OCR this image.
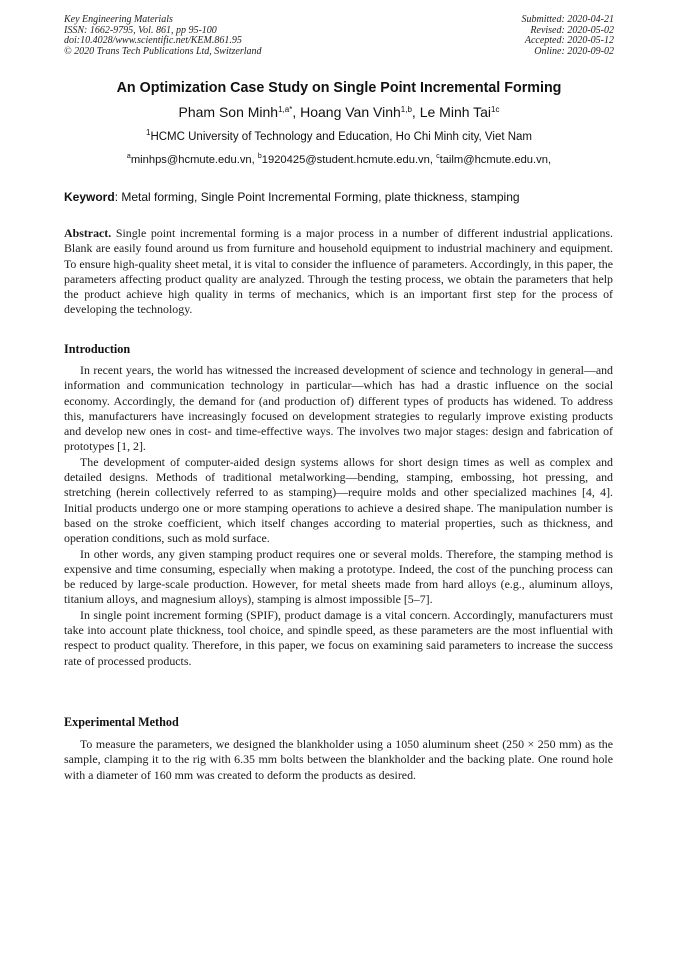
Key Engineering Materials
ISSN: 1662-9795, Vol. 861, pp 95-100
doi:10.4028/www.scientific.net/KEM.861.95
© 2020 Trans Tech Publications Ltd, Switzerland
Submitted: 2020-04-21
Revised: 2020-05-02
Accepted: 2020-05-12
Online: 2020-09-02
An Optimization Case Study on Single Point Incremental Forming
Pham Son Minh$^{1,a*}$, Hoang Van Vinh$^{1,b}$, Le Minh Tai$^{1c}$
$^1$HCMC University of Technology and Education, Ho Chi Minh city, Viet Nam
$^a$minhps@hcmute.edu.vn, $^b$1920425@student.hcmute.edu.vn, $^c$tailm@hcmute.edu.vn,
Keyword: Metal forming, Single Point Incremental Forming, plate thickness, stamping

Abstract. Single point incremental forming is a major process in a number of different industrial applications. Blank are easily found around us from furniture and household equipment to industrial machinery and equipment. To ensure high-quality sheet metal, it is vital to consider the influence of parameters. Accordingly, in this paper, the parameters affecting product quality are analyzed. Through the testing process, we obtain the parameters that help the product achieve high quality in terms of mechanics, which is an important first step for the process of developing the technology.

Introduction

In recent years, the world has witnessed the increased development of science and technology in general—and information and communication technology in particular—which has had a drastic influence on the social economy. Accordingly, the demand for (and production of) different types of products has widened. To address this, manufacturers have increasingly focused on development strategies to regularly improve existing products and develop new ones in cost- and time-effective ways. The involves two major stages: design and fabrication of prototypes [1, 2].

The development of computer-aided design systems allows for short design times as well as complex and detailed designs. Methods of traditional metalworking—bending, stamping, embossing, hot pressing, and stretching (herein collectively referred to as stamping)—require molds and other specialized machines [4, 4]. Initial products undergo one or more stamping operations to achieve a desired shape. The manipulation number is based on the stroke coefficient, which itself changes according to material properties, such as thickness, and operation conditions, such as mold surface.

In other words, any given stamping product requires one or several molds. Therefore, the stamping method is expensive and time consuming, especially when making a prototype. Indeed, the cost of the punching process can be reduced by large-scale production. However, for metal sheets made from hard alloys (e.g., aluminum alloys, titanium alloys, and magnesium alloys), stamping is almost impossible [5–7].

In single point increment forming (SPIF), product damage is a vital concern. Accordingly, manufacturers must take into account plate thickness, tool choice, and spindle speed, as these parameters are the most influential with respect to product quality. Therefore, in this paper, we focus on examining said parameters to increase the success rate of processed products.

Experimental Method

To measure the parameters, we designed the blankholder using a 1050 aluminum sheet (250 × 250 mm) as the sample, clamping it to the rig with 6.35 mm bolts between the blankholder and the backing plate. One round hole with a diameter of 160 mm was created to deform the products as desired.
